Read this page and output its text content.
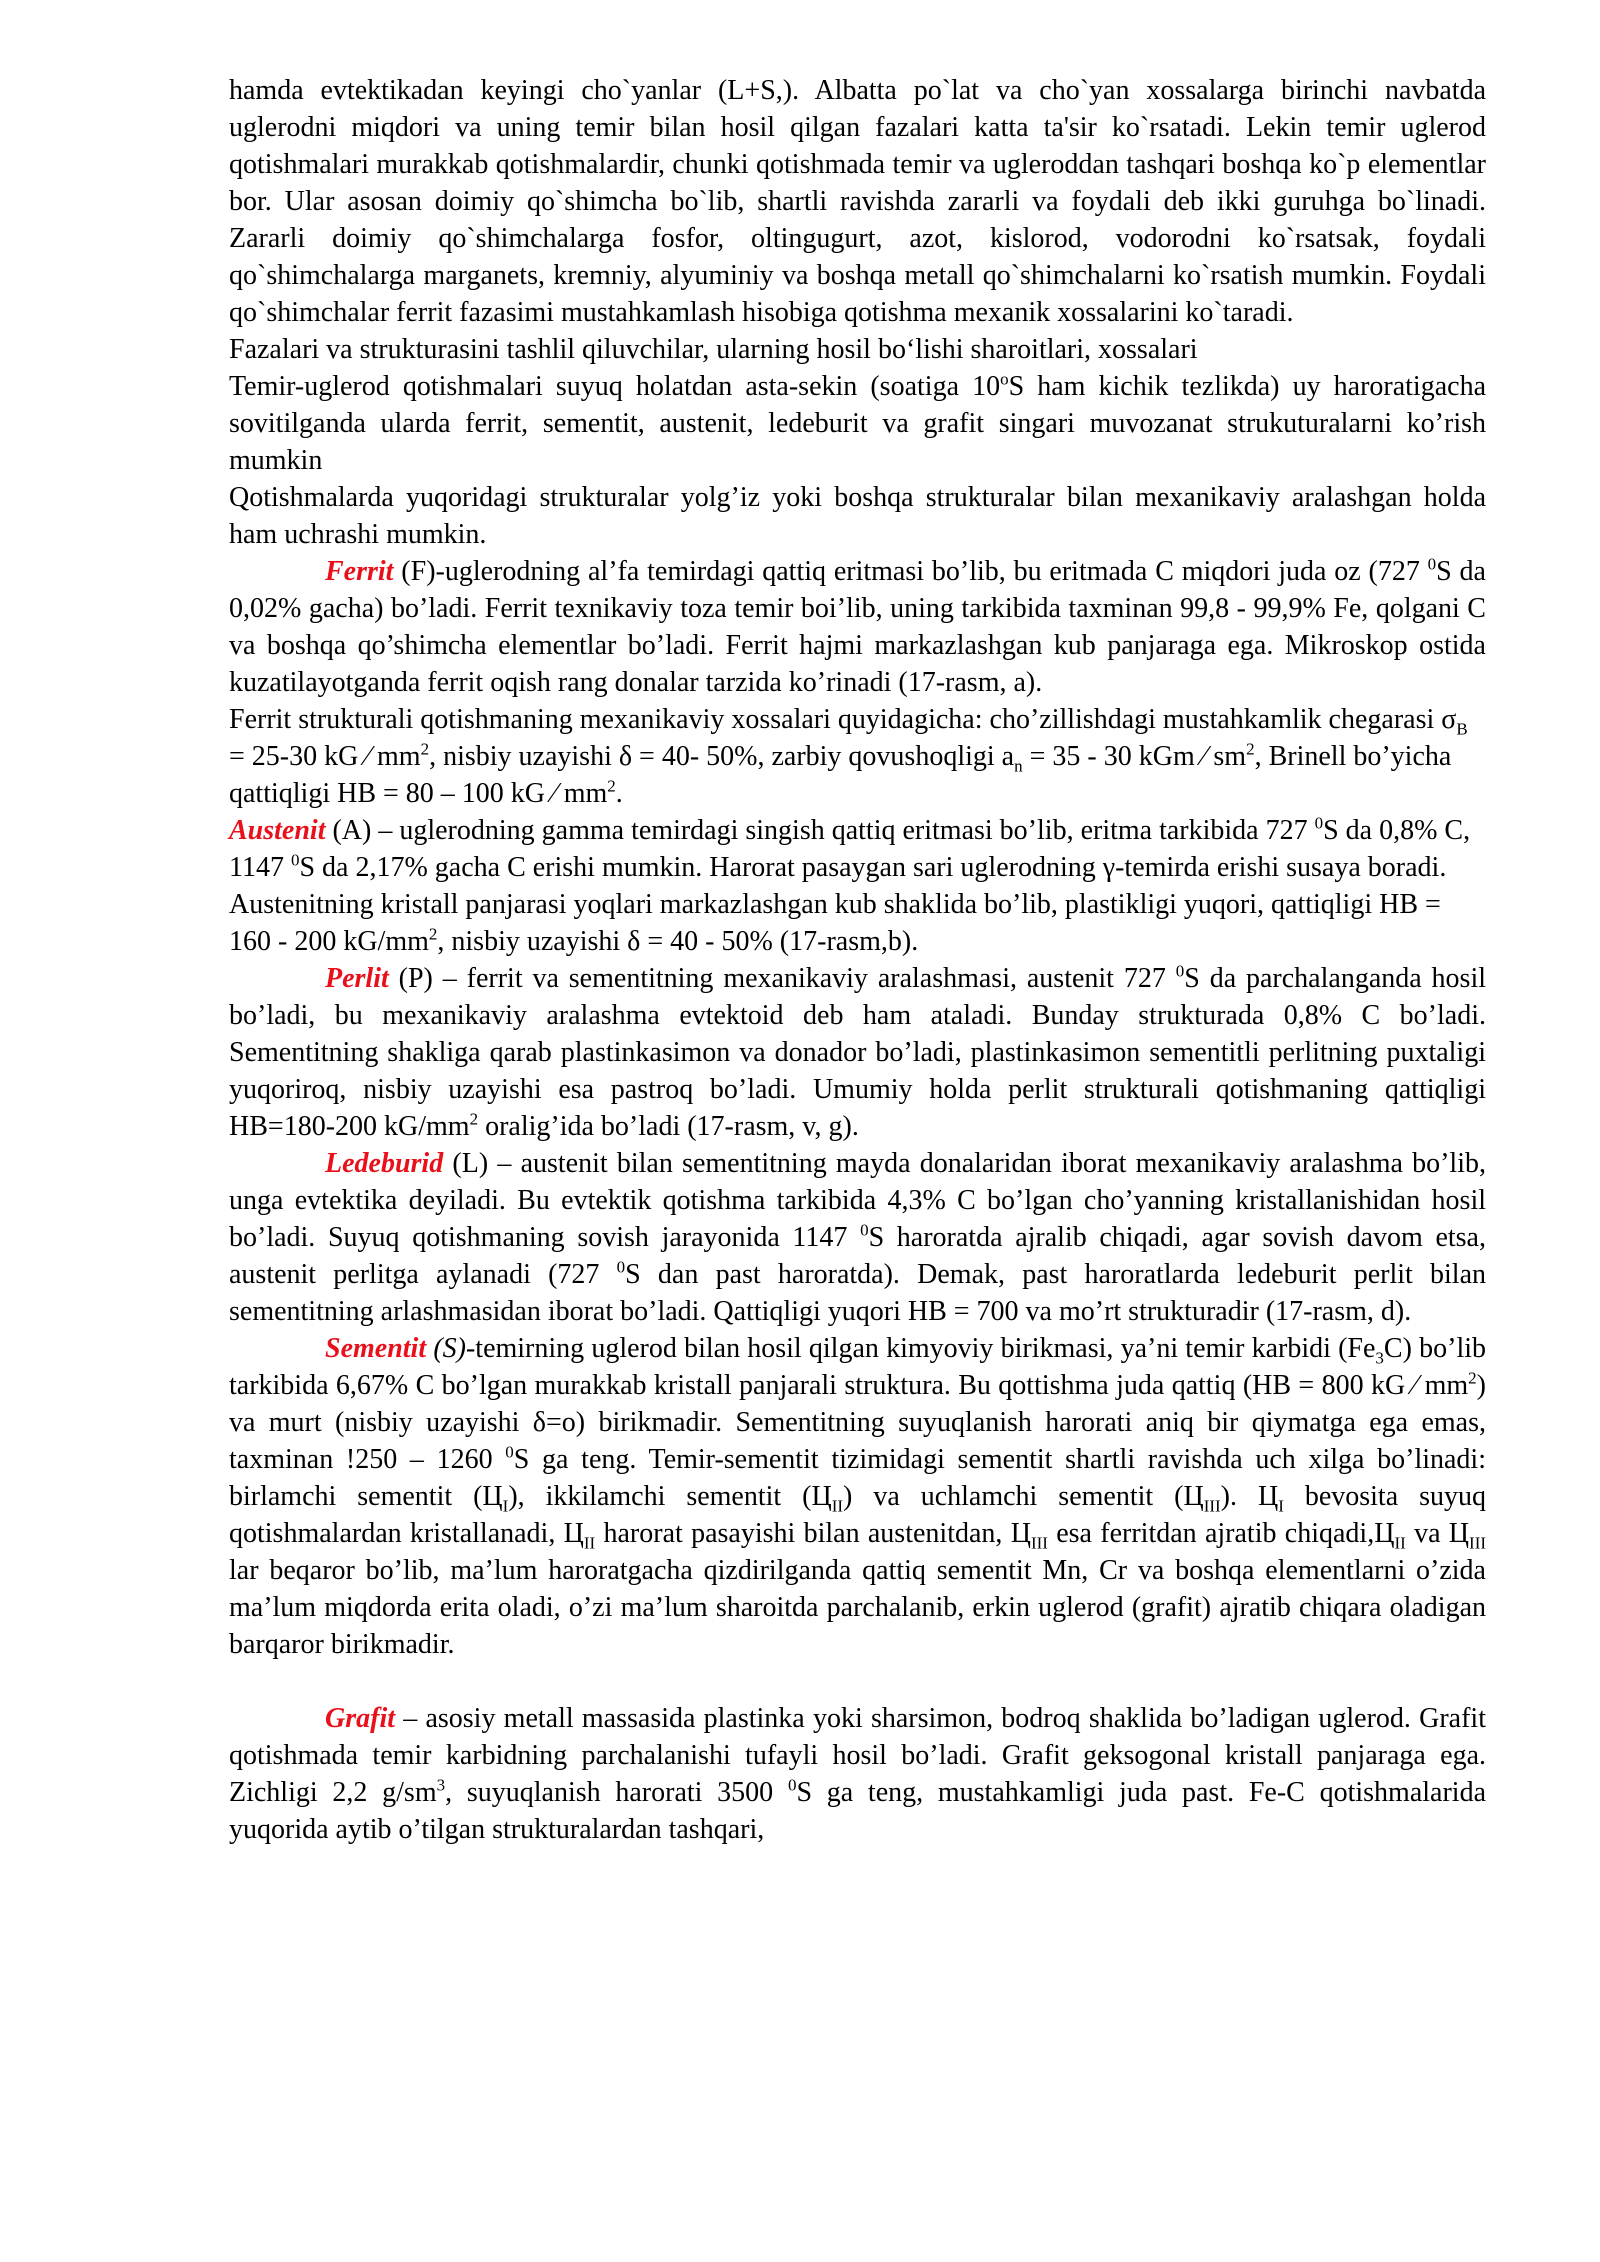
hamda evtektikadan keyingi cho`yanlar (L+S,). Albatta po`lat va cho`yan xossalarga birinchi navbatda uglerodni miqdori va uning temir bilan hosil qilgan fazalari katta ta'sir ko`rsatadi. Lekin temir uglerod qotishmalari murakkab qotishmalardir, chunki qotishmada temir va ugleroddan tashqari boshqa ko`p elementlar bor. Ular asosan doimiy qo`shimcha bo`lib, shartli ravishda zararli va foydali deb ikki guruhga bo`linadi. Zararli doimiy qo`shimchalarga fosfor, oltingugurt, azot, kislorod, vodorodni ko`rsatsak, foydali qo`shimchalarga marganets, kremniy, alyuminiy va boshqa metall qo`shimchalarni ko`rsatish mumkin. Foydali qo`shimchalar ferrit fazasimi mustahkamlash hisobiga qotishma mexanik xossalarini ko`taradi.

Fazalari va strukturasini tashlil qiluvchilar, ularning hosil bo‘lishi sharoitlari, xossalari

Temir-uglerod qotishmalari suyuq holatdan asta-sekin (soatiga 10$^o$S ham kichik tezlikda) uy haroratigacha sovitilganda ularda ferrit, sementit, austenit, ledeburit va grafit singari muvozanat strukuturalarni ko’rish mumkin

Qotishmalarda yuqoridagi strukturalar yolg’iz yoki boshqa strukturalar bilan mexanikaviy aralashgan holda ham uchrashi mumkin.

Ferrit (F)-uglerodning al’fa temirdagi qattiq eritmasi bo’lib, bu eritmada C miqdori juda oz (727 $^0$S da 0,02% gacha) bo’ladi. Ferrit texnikaviy toza temir boi’lib, uning tarkibida taxminan 99,8 - 99,9% Fe, qolgani C va boshqa qo’shimcha elementlar bo’ladi. Ferrit hajmi markazlashgan kub panjaraga ega. Mikroskop ostida kuzatilayotganda ferrit oqish rang donalar tarzida ko’rinadi (17-rasm, a).

Ferrit strukturali qotishmaning mexanikaviy xossalari quyidagicha: cho’zillishdagi mustahkamlik chegarasi $\sigma_B = 25-30$ kG ⁄ $mm^2$, nisbiy uzayishi δ = 40- 50%, zarbiy qovushoqligi $a_n = 35 - 30$ kGm ⁄ $sm^2$, Brinell bo’yicha qattiqligi HB = 80 – 100 kG ⁄ $mm^2$.

Austenit (A) – uglerodning gamma temirdagi singish qattiq eritmasi bo’lib, eritma tarkibida 727 $^0$S da 0,8% C, 1147 $^0$S da 2,17% gacha C erishi mumkin. Harorat pasaygan sari uglerodning γ-temirda erishi susaya boradi. Austenitning kristall panjarasi yoqlari markazlashgan kub shaklida bo’lib, plastikligi yuqori, qattiqligi HB = 160 - 200 $kG/mm^2$, nisbiy uzayishi δ = 40 - 50% (17-rasm,b).

Perlit (P) – ferrit va sementitning mexanikaviy aralashmasi, austenit 727 $^0$S da parchalanganda hosil bo’ladi, bu mexanikaviy aralashma evtektoid deb ham ataladi. Bunday strukturada 0,8% C bo’ladi. Sementitning shakliga qarab plastinkasimon va donador bo’ladi, plastinkasimon sementitli perlitning puxtaligi yuqoriroq, nisbiy uzayishi esa pastroq bo’ladi. Umumiy holda perlit strukturali qotishmaning qattiqligi HB=180-200 $kG/mm^2$ oralig’ida bo’ladi (17-rasm, v, g).

Ledeburid (L) – austenit bilan sementitning mayda donalaridan iborat mexanikaviy aralashma bo’lib, unga evtektika deyiladi. Bu evtektik qotishma tarkibida 4,3% C bo’lgan cho’yanning kristallanishidan hosil bo’ladi. Suyuq qotishmaning sovish jarayonida 1147 $^0$S haroratda ajralib chiqadi, agar sovish davom etsa, austenit perlitga aylanadi (727 $^0$S dan past haroratda). Demak, past haroratlarda ledeburit perlit bilan sementitning arlashmasidan iborat bo’ladi. Qattiqligi yuqori HB = 700 va mo’rt strukturadir (17-rasm, d).

Sementit (S)-temirning uglerod bilan hosil qilgan kimyoviy birikmasi, ya’ni temir karbidi $(Fe_3C)$ bo’lib tarkibida 6,67% C bo’lgan murakkab kristall panjarali struktura. Bu qottishma juda qattiq (HB = 800 kG ⁄ $mm^2$) va murt (nisbiy uzayishi δ=o) birikmadir. Sementitning suyuqlanish harorati aniq bir qiymatga ega emas, taxminan !250 – 1260 $^0$S ga teng. Temir-sementit tizimidagi sementit shartli ravishda uch xilga bo’linadi: birlamchi sementit $(Ц_I)$, ikkilamchi sementit $(Ц_{II})$ va uchlamchi sementit $(Ц_{III})$. $Ц_I$ bevosita suyuq qotishmalardan kristallanadi, $Ц_{II}$ harorat pasayishi bilan austenitdan, $Ц_{III}$ esa ferritdan ajratib $chiqadi,Ц_{II}$ va $Ц_{III}$ lar beqaror bo’lib, ma’lum haroratgacha qizdirilganda qattiq sementit Mn, Cr va boshqa elementlarni o’zida ma’lum miqdorda erita oladi, o’zi ma’lum sharoitda parchalanib, erkin uglerod (grafit) ajratib chiqara oladigan barqaror birikmadir.

Grafit – asosiy metall massasida plastinka yoki sharsimon, bodroq shaklida bo’ladigan uglerod. Grafit qotishmada temir karbidning parchalanishi tufayli hosil bo’ladi. Grafit geksogonal kristall panjaraga ega. Zichligi 2,2 $g/sm^3$, suyuqlanish harorati 3500 $^0$S ga teng, mustahkamligi juda past. Fe-C qotishmalarida yuqorida aytib o’tilgan strukturalardan tashqari,
